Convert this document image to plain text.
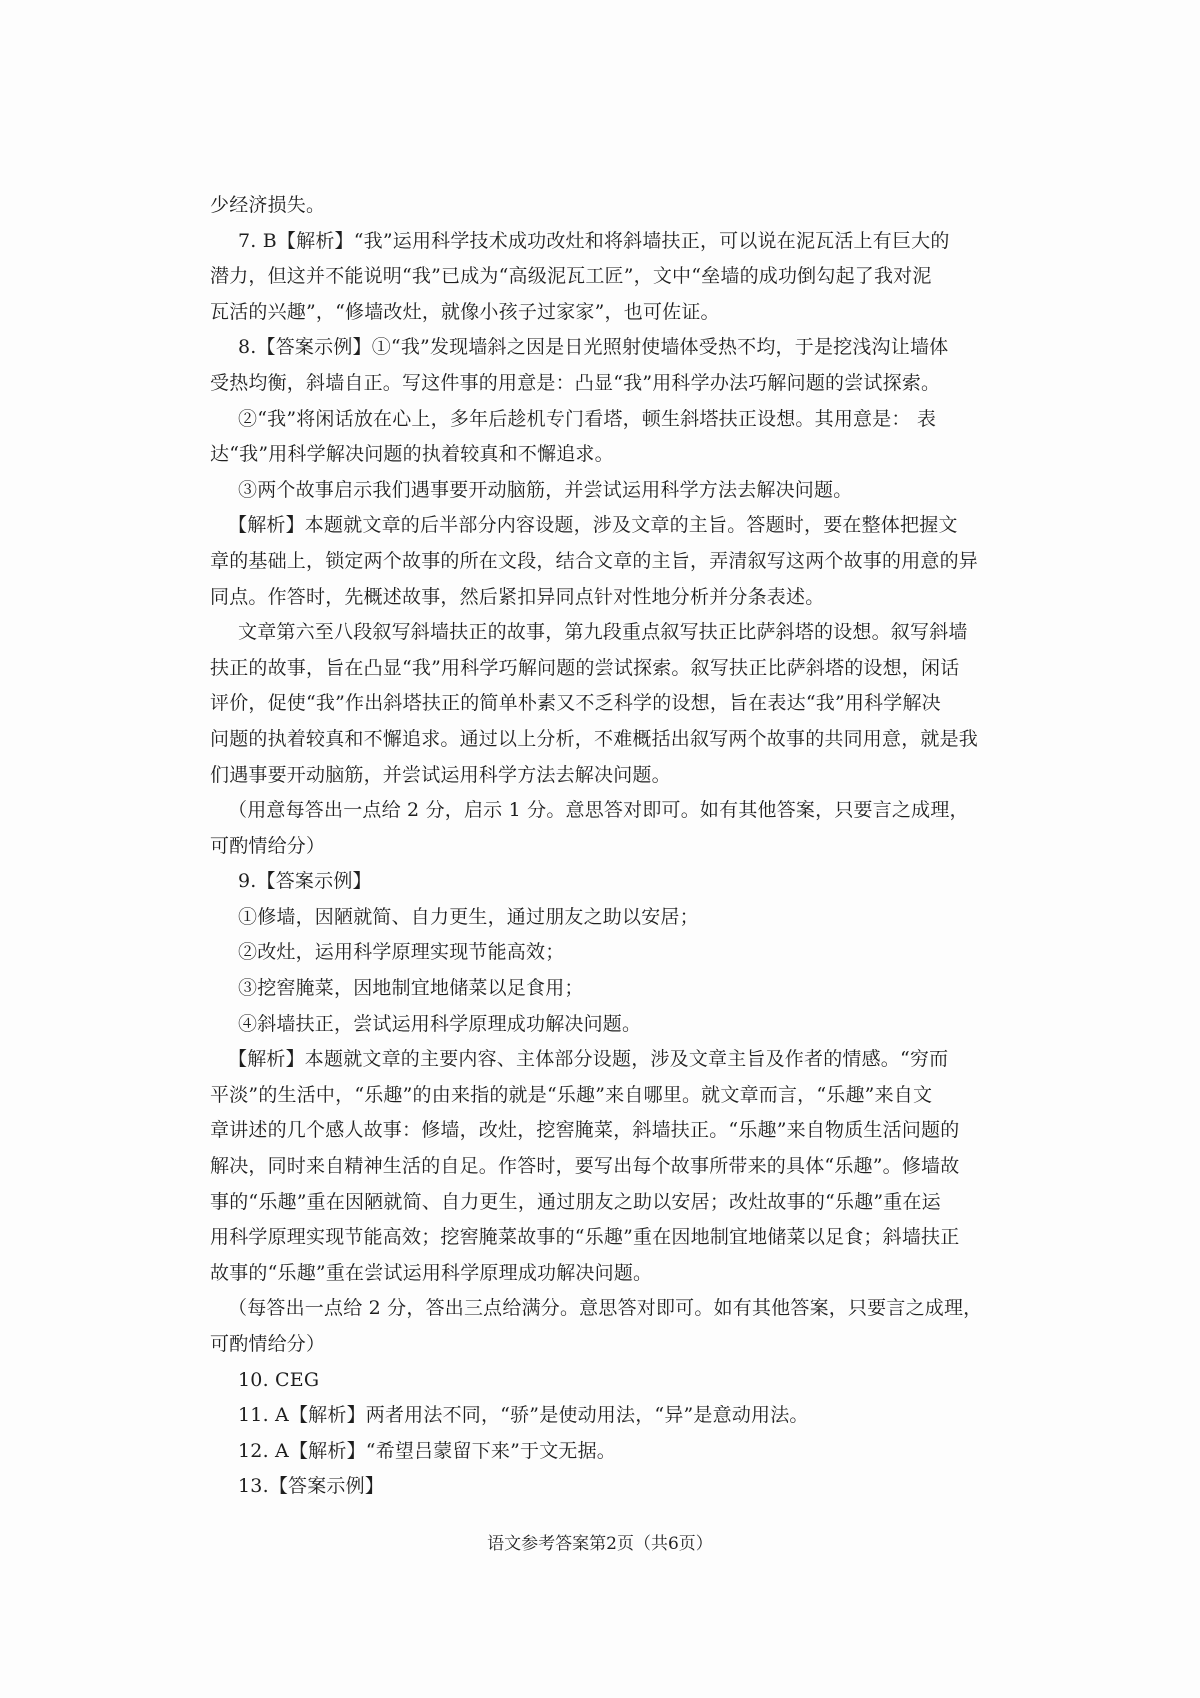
少经济损失。
7. B【解析】“我”运用科学技术成功改灶和将斜墙扶正，可以说在泥瓦活上有巨大的
潜力，但这并不能说明“我”已成为“高级泥瓦工匠”，文中“垒墙的成功倒勾起了我对泥
瓦活的兴趣”，“修墙改灶，就像小孩子过家家”，也可佐证。
8.【答案示例】①“我”发现墙斜之因是日光照射使墙体受热不均，于是挖浅沟让墙体
受热均衡，斜墙自正。写这件事的用意是：凸显“我”用科学办法巧解问题的尝试探索。
②“我”将闲话放在心上，多年后趁机专门看塔，顿生斜塔扶正设想。其用意是： 表
达“我”用科学解决问题的执着较真和不懈追求。
③两个故事启示我们遇事要开动脑筋，并尝试运用科学方法去解决问题。
【解析】本题就文章的后半部分内容设题，涉及文章的主旨。答题时，要在整体把握文
章的基础上，锁定两个故事的所在文段，结合文章的主旨，弄清叙写这两个故事的用意的异
同点。作答时，先概述故事，然后紧扣异同点针对性地分析并分条表述。
文章第六至八段叙写斜墙扶正的故事，第九段重点叙写扶正比萨斜塔的设想。叙写斜墙
扶正的故事，旨在凸显“我”用科学巧解问题的尝试探索。叙写扶正比萨斜塔的设想，闲话
评价，促使“我”作出斜塔扶正的简单朴素又不乏科学的设想，旨在表达“我”用科学解决
问题的执着较真和不懈追求。通过以上分析，不难概括出叙写两个故事的共同用意，就是我
们遇事要开动脑筋，并尝试运用科学方法去解决问题。
（用意每答出一点给 2 分，启示 1 分。意思答对即可。如有其他答案，只要言之成理，
可酌情给分）
9.【答案示例】
①修墙，因陋就简、自力更生，通过朋友之助以安居；
②改灶，运用科学原理实现节能高效；
③挖窖腌菜，因地制宜地储菜以足食用；
④斜墙扶正，尝试运用科学原理成功解决问题。
【解析】本题就文章的主要内容、主体部分设题，涉及文章主旨及作者的情感。“穷而
平淡”的生活中，“乐趣”的由来指的就是“乐趣”来自哪里。就文章而言，“乐趣”来自文
章讲述的几个感人故事：修墙，改灶，挖窖腌菜，斜墙扶正。“乐趣”来自物质生活问题的
解决，同时来自精神生活的自足。作答时，要写出每个故事所带来的具体“乐趣”。修墙故
事的“乐趣”重在因陋就简、自力更生，通过朋友之助以安居；改灶故事的“乐趣”重在运
用科学原理实现节能高效；挖窖腌菜故事的“乐趣”重在因地制宜地储菜以足食；斜墙扶正
故事的“乐趣”重在尝试运用科学原理成功解决问题。
（每答出一点给 2 分，答出三点给满分。意思答对即可。如有其他答案，只要言之成理，
可酌情给分）
10. CEG
11. A【解析】两者用法不同，“骄”是使动用法，“异”是意动用法。
12. A【解析】“希望吕蒙留下来”于文无据。
13.【答案示例】
语文参考答案第2页（共6页）
